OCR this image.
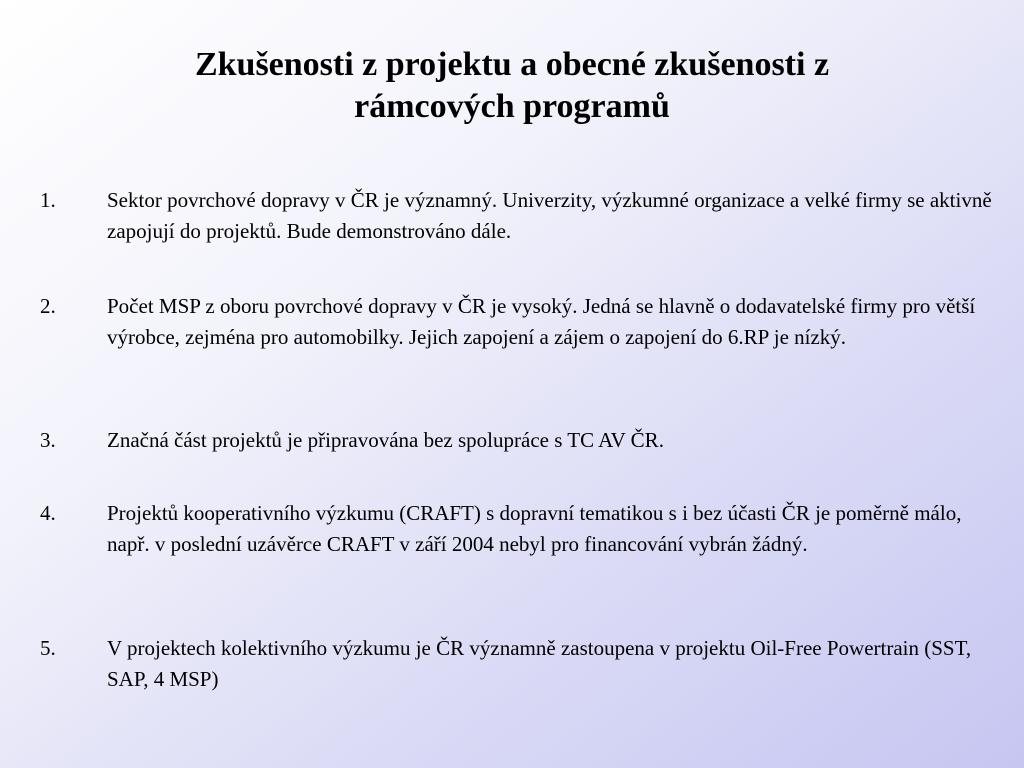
Zkušenosti z projektu a obecné zkušenosti z
rámcových programů
1. Sektor povrchové dopravy v ČR je významný. Univerzity, výzkumné organizace a velké firmy se aktivně zapojují do projektů. Bude demonstrováno dále.
2. Počet MSP z oboru povrchové dopravy v ČR je vysoký. Jedná se hlavně o dodavatelské firmy pro větší výrobce, zejména pro automobilky. Jejich zapojení a zájem o zapojení do 6.RP je nízký.
3. Značná část projektů je připravována bez spolupráce s TC AV ČR.
4. Projektů kooperativního výzkumu (CRAFT) s dopravní tematikou s i bez účasti ČR je poměrně málo, např. v poslední uzávěrce CRAFT v září 2004 nebyl pro financování vybrán žádný.
5. V projektech kolektivního výzkumu je ČR významně zastoupena v projektu Oil-Free Powertrain (SST, SAP, 4 MSP)
